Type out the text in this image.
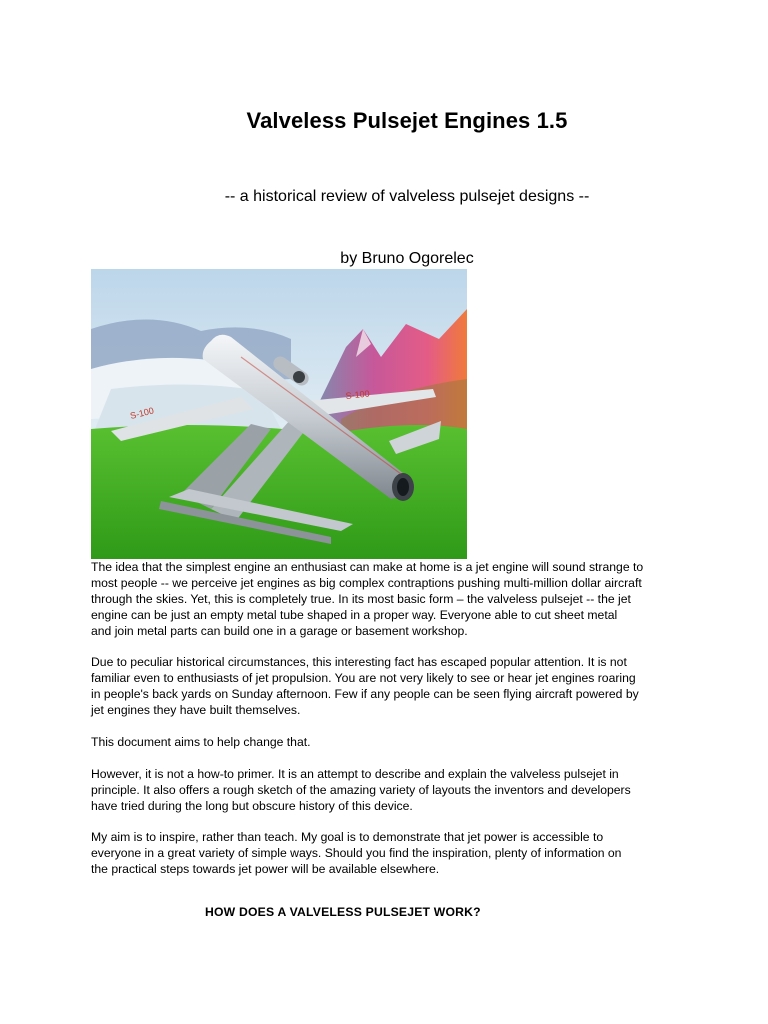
Valveless Pulsejet Engines 1.5
-- a historical review of valveless pulsejet designs --
by Bruno Ogorelec
S-100
S-100

The idea that the simplest engine an enthusiast can make at home is a jet engine will sound strange to
most people -- we perceive jet engines as big complex contraptions pushing multi-million dollar aircraft
through the skies. Yet, this is completely true. In its most basic form – the valveless pulsejet -- the jet
engine can be just an empty metal tube shaped in a proper way. Everyone able to cut sheet metal
and join metal parts can build one in a garage or basement workshop.

Due to peculiar historical circumstances, this interesting fact has escaped popular attention. It is not
familiar even to enthusiasts of jet propulsion. You are not very likely to see or hear jet engines roaring
in people's back yards on Sunday afternoon. Few if any people can be seen flying aircraft powered by
jet engines they have built themselves.

This document aims to help change that.

However, it is not a how-to primer. It is an attempt to describe and explain the valveless pulsejet in
principle. It also offers a rough sketch of the amazing variety of layouts the inventors and developers
have tried during the long but obscure history of this device.

My aim is to inspire, rather than teach. My goal is to demonstrate that jet power is accessible to
everyone in a great variety of simple ways. Should you find the inspiration, plenty of information on
the practical steps towards jet power will be available elsewhere.

HOW DOES A VALVELESS PULSEJET WORK?
